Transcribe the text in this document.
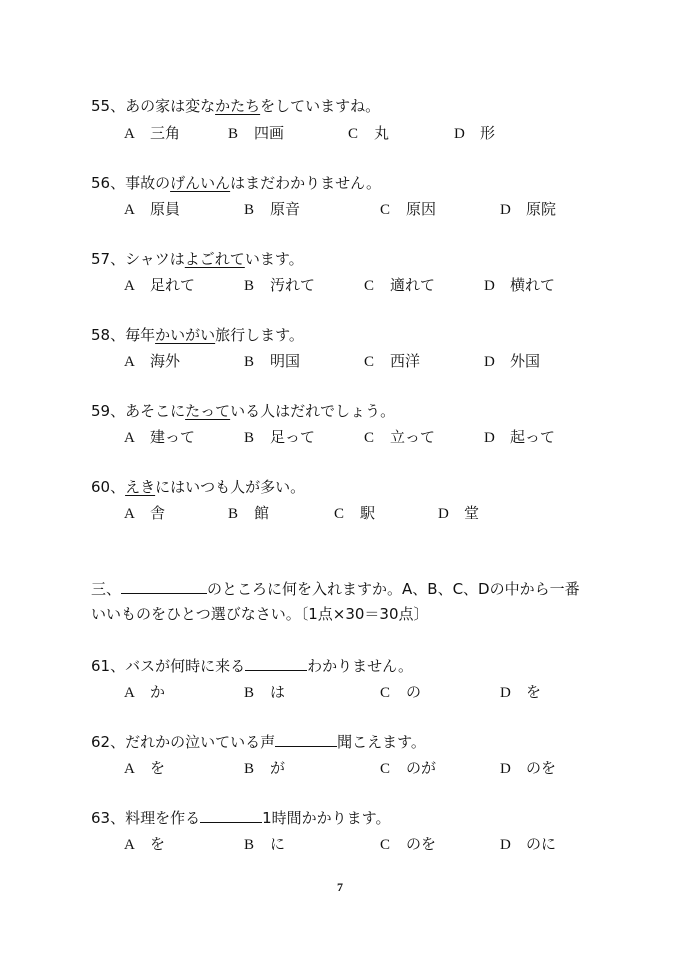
55、あの家は変なかたちをしていますね。
A 三角	B 四画	C 丸	D 形
56、事故のげんいんはまだわかりません。
A 原員	B 原音	C 原因	D 原院
57、シャツはよごれています。
A 足れて	B 汚れて	C 適れて	D 横れて
58、毎年かいがい旅行します。
A 海外	B 明国	C 西洋	D 外国
59、あそこにたっている人はだれでしょう。
A 建って	B 足って	C 立って	D 起って
60、えきにはいつも人が多い。
A 舎	B 館	C 駅	D 堂
三、	のところに何を入れますか。A、B、C、Dの中から一番
いいものをひとつ選びなさい。〔1点×30＝30点〕
61、バスが何時に来る	わかりません。
A か	B は	C の	D を
62、だれかの泣いている声	聞こえます。
A を	B が	C のが	D のを
63、料理を作る	1時間かかります。
A を	B に	C のを	D のに
7
